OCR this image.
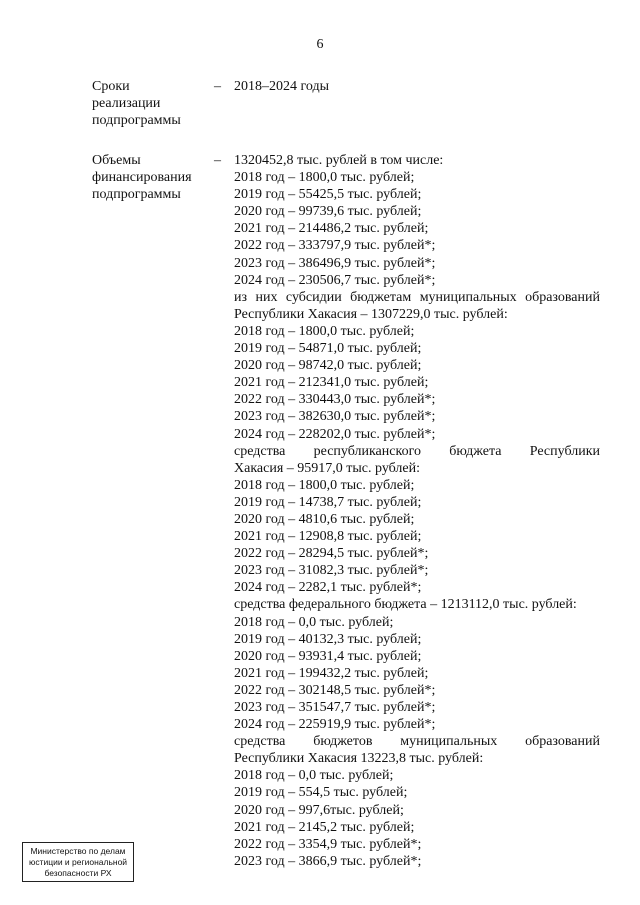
6
Сроки
реализации
подпрограммы
– 2018–2024 годы
Объемы
финансирования
подпрограммы
– 1320452,8 тыс. рублей в том числе:
2018 год – 1800,0 тыс. рублей;
2019 год – 55425,5 тыс. рублей;
2020 год – 99739,6 тыс. рублей;
2021 год – 214486,2 тыс. рублей;
2022 год – 333797,9 тыс. рублей*;
2023 год – 386496,9 тыс. рублей*;
2024 год – 230506,7 тыс. рублей*;
из них субсидии бюджетам муниципальных образований
Республики Хакасия – 1307229,0 тыс. рублей:
2018 год – 1800,0 тыс. рублей;
2019 год – 54871,0 тыс. рублей;
2020 год – 98742,0 тыс. рублей;
2021 год – 212341,0 тыс. рублей;
2022 год – 330443,0 тыс. рублей*;
2023 год – 382630,0 тыс. рублей*;
2024 год – 228202,0 тыс. рублей*;
средства республиканского бюджета Республики
Хакасия – 95917,0 тыс. рублей:
2018 год – 1800,0 тыс. рублей;
2019 год – 14738,7 тыс. рублей;
2020 год – 4810,6 тыс. рублей;
2021 год – 12908,8 тыс. рублей;
2022 год – 28294,5 тыс. рублей*;
2023 год – 31082,3 тыс. рублей*;
2024 год – 2282,1 тыс. рублей*;
средства федерального бюджета – 1213112,0 тыс. рублей:
2018 год – 0,0 тыс. рублей;
2019 год – 40132,3 тыс. рублей;
2020 год – 93931,4 тыс. рублей;
2021 год – 199432,2 тыс. рублей;
2022 год – 302148,5 тыс. рублей*;
2023 год – 351547,7 тыс. рублей*;
2024 год – 225919,9 тыс. рублей*;
средства бюджетов муниципальных образований
Республики Хакасия 13223,8 тыс. рублей:
2018 год – 0,0 тыс. рублей;
2019 год – 554,5 тыс. рублей;
2020 год – 997,6тыс. рублей;
2021 год – 2145,2 тыс. рублей;
2022 год – 3354,9 тыс. рублей*;
2023 год – 3866,9 тыс. рублей*;
Министерство по делам
юстиции и региональной
безопасности РХ
